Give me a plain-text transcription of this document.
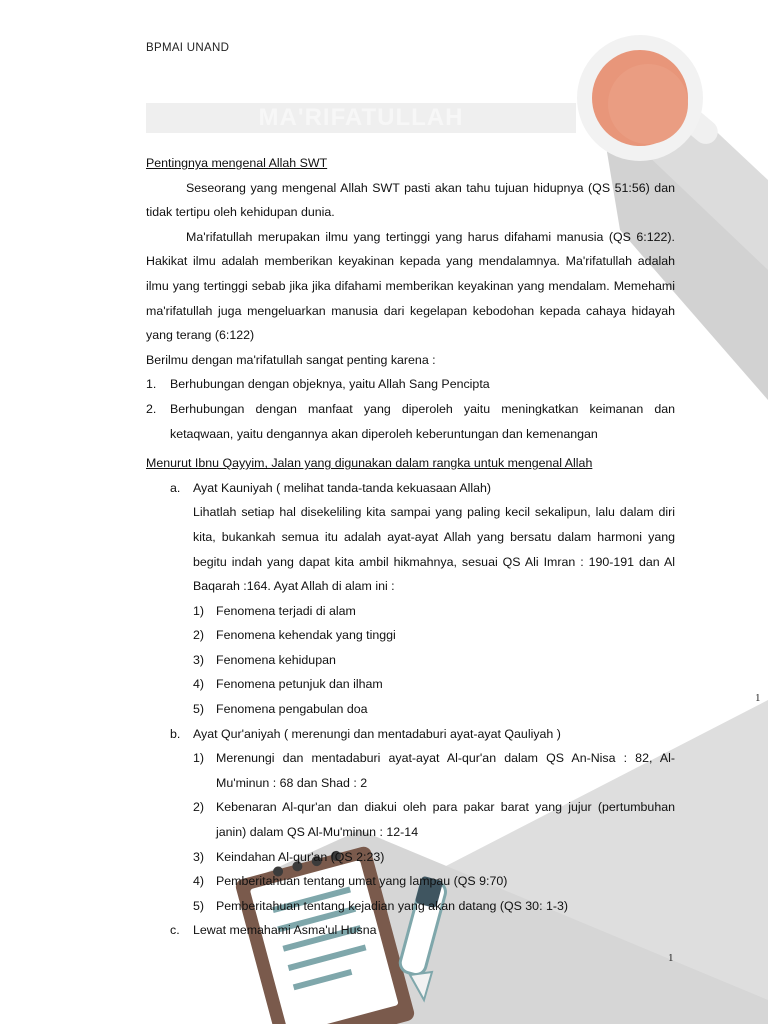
BPMAI UNAND
MA'RIFATULLAH

Pentingnya mengenal Allah SWT

Seseorang yang mengenal Allah SWT pasti akan tahu tujuan hidupnya (QS 51:56) dan tidak tertipu oleh kehidupan dunia.

Ma'rifatullah merupakan ilmu yang tertinggi yang harus difahami manusia (QS 6:122). Hakikat ilmu adalah memberikan keyakinan kepada yang mendalamnya. Ma'rifatullah adalah ilmu yang tertinggi sebab jika jika difahami memberikan keyakinan yang mendalam. Memehami ma'rifatullah juga mengeluarkan manusia dari kegelapan kebodohan kepada cahaya hidayah yang terang (6:122)

Berilmu dengan ma'rifatullah sangat penting karena :

1. Berhubungan dengan objeknya, yaitu Allah Sang Pencipta
2. Berhubungan dengan manfaat yang diperoleh yaitu meningkatkan keimanan dan ketaqwaan, yaitu dengannya akan diperoleh keberuntungan dan kemenangan

Menurut Ibnu Qayyim, Jalan yang digunakan dalam rangka untuk mengenal Allah

a. Ayat Kauniyah ( melihat tanda-tanda kekuasaan Allah)

Lihatlah setiap hal disekeliling kita sampai yang paling kecil sekalipun, lalu dalam diri kita, bukankah semua itu adalah ayat-ayat Allah yang bersatu dalam harmoni yang begitu indah yang dapat kita ambil hikmahnya, sesuai QS Ali Imran : 190-191 dan Al Baqarah :164. Ayat Allah di alam ini :

1) Fenomena terjadi di alam
2) Fenomena kehendak yang tinggi
3) Fenomena kehidupan
4) Fenomena petunjuk dan ilham
5) Fenomena pengabulan doa
b. Ayat Qur'aniyah ( merenungi dan mentadaburi ayat-ayat Qauliyah )
1) Merenungi dan mentadaburi ayat-ayat Al-qur'an dalam QS An-Nisa : 82, Al-Mu'minun : 68 dan Shad : 2
2) Kebenaran Al-qur'an dan diakui oleh para pakar barat yang jujur (pertumbuhan janin) dalam QS Al-Mu'minun : 12-14
3) Keindahan Al-qur'an (QS 2:23)
4) Pemberitahuan tentang umat yang lampau (QS 9:70)
5) Pemberitahuan tentang kejadian yang akan datang (QS 30: 1-3)
c. Lewat memahami Asma'ul Husna
1
1
